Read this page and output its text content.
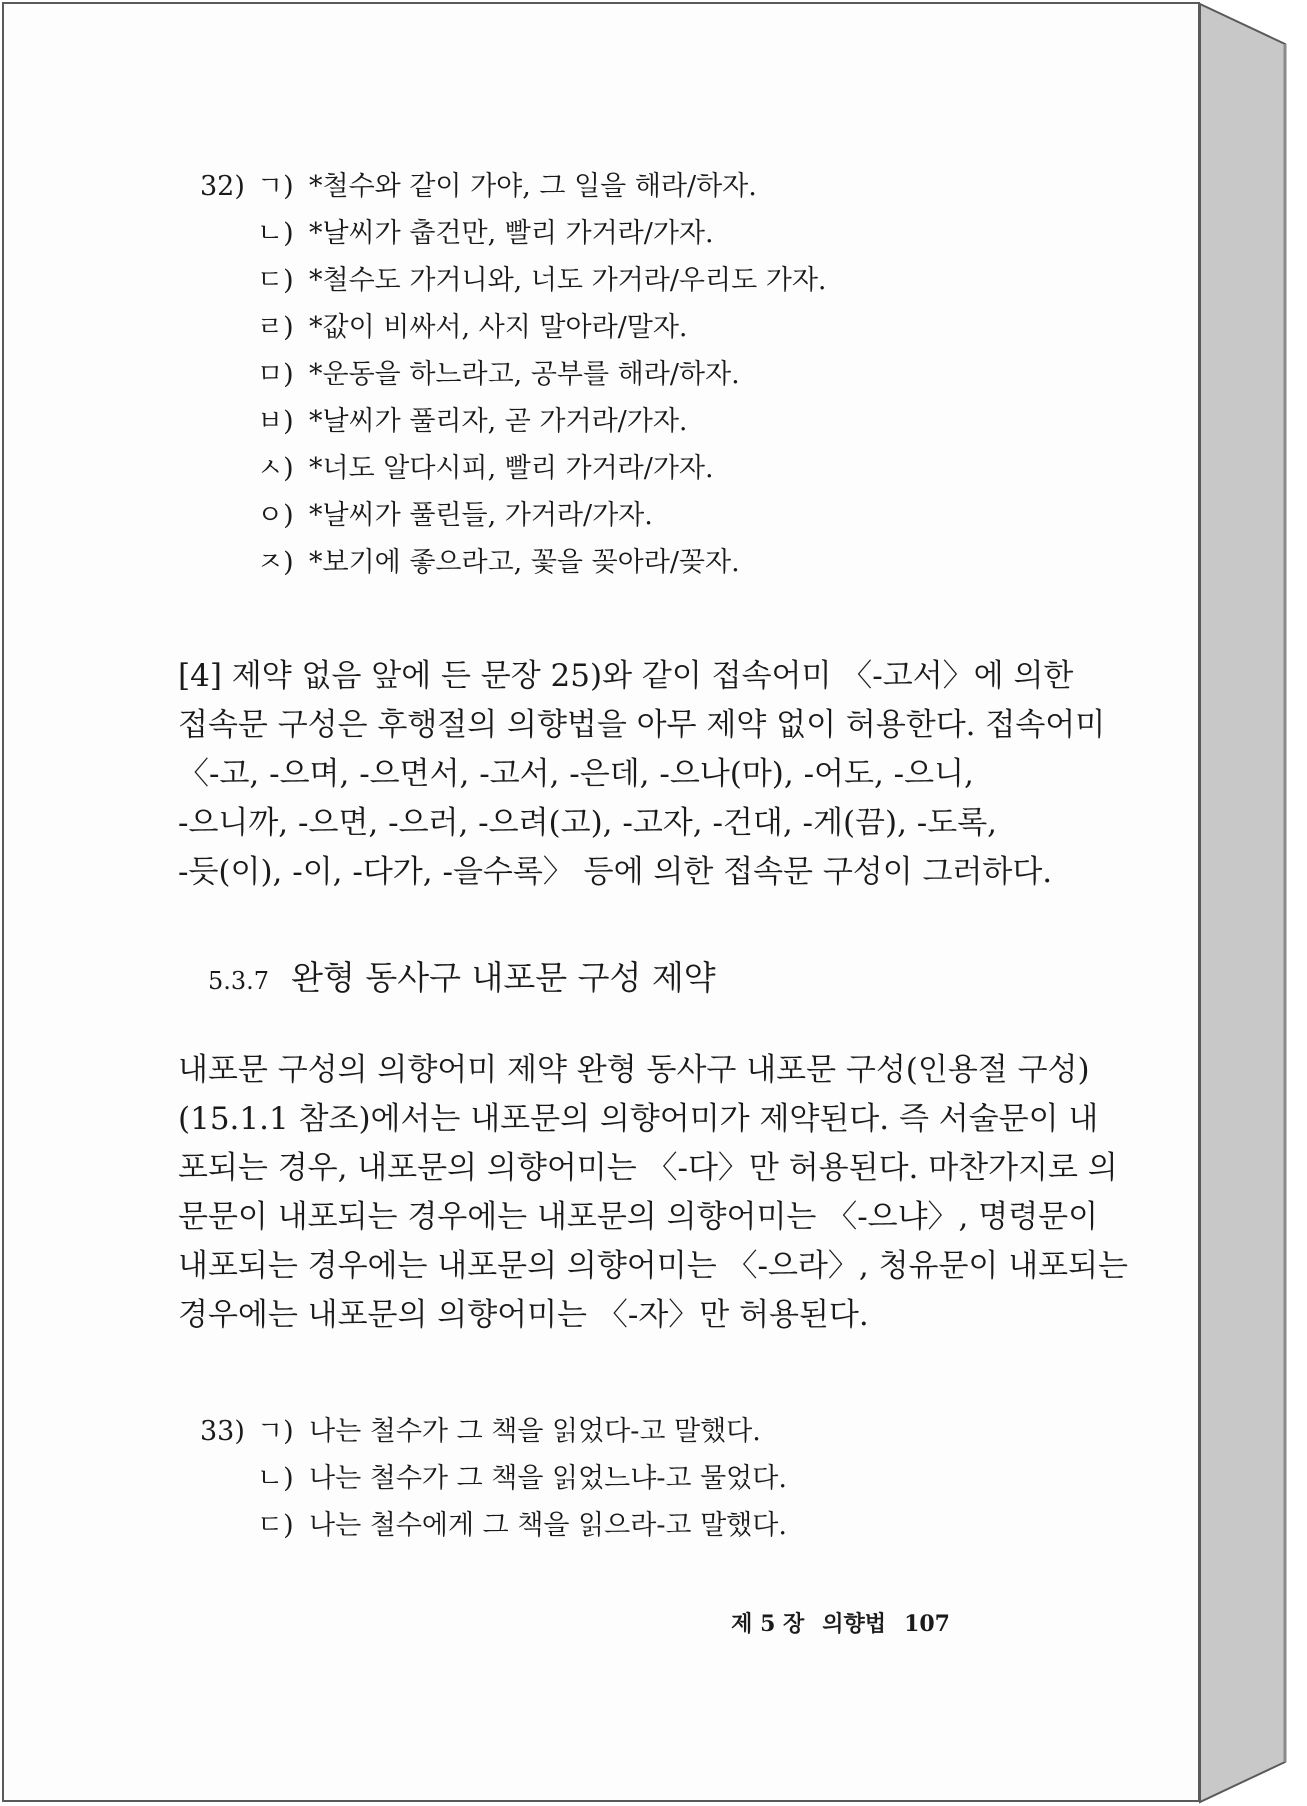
32) ㄱ) *철수와 같이 가야, 그 일을 해라/하자.
ㄴ) *날씨가 춥건만, 빨리 가거라/가자.
ㄷ) *철수도 가거니와, 너도 가거라/우리도 가자.
ㄹ) *값이 비싸서, 사지 말아라/말자.
ㅁ) *운동을 하느라고, 공부를 해라/하자.
ㅂ) *날씨가 풀리자, 곧 가거라/가자.
ㅅ) *너도 알다시피, 빨리 가거라/가자.
ㅇ) *날씨가 풀린들, 가거라/가자.
ㅈ) *보기에 좋으라고, 꽃을 꽂아라/꽂자.
[4] 제약 없음 앞에 든 문장 25)와 같이 접속어미 〈-고서〉에 의한
접속문 구성은 후행절의 의향법을 아무 제약 없이 허용한다. 접속어미
〈-고, -으며, -으면서, -고서, -은데, -으나(마), -어도, -으니,
-으니까, -으면, -으러, -으려(고), -고자, -건대, -게(끔), -도록,
-듯(이), -이, -다가, -을수록〉 등에 의한 접속문 구성이 그러하다.
5.3.7 완형 동사구 내포문 구성 제약
내포문 구성의 의향어미 제약 완형 동사구 내포문 구성(인용절 구성)
(15.1.1 참조)에서는 내포문의 의향어미가 제약된다. 즉 서술문이 내
포되는 경우, 내포문의 의향어미는 〈-다〉만 허용된다. 마찬가지로 의
문문이 내포되는 경우에는 내포문의 의향어미는 〈-으냐〉, 명령문이
내포되는 경우에는 내포문의 의향어미는 〈-으라〉, 청유문이 내포되는
경우에는 내포문의 의향어미는 〈-자〉만 허용된다.
33) ㄱ) 나는 철수가 그 책을 읽었다-고 말했다.
ㄴ) 나는 철수가 그 책을 읽었느냐-고 물었다.
ㄷ) 나는 철수에게 그 책을 읽으라-고 말했다.
제 5 장 의향법 107
